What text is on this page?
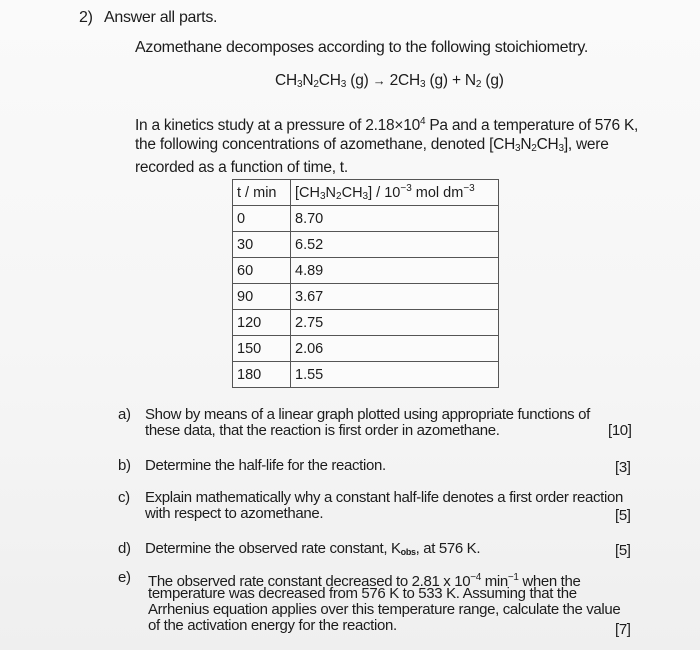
2) Answer all parts.
Azomethane decomposes according to the following stoichiometry.
$CH_3N_2CH_3$ $(g) \to 2CH_3$ $(g) + N_2$ (g)
In a kinetics study at a pressure of $2.18\times 10^4$ Pa and a temperature of 576 K,
the following concentrations of azomethane, denoted $[CH_3N_2CH_3]$, were
recorded as a function of time, t.
t / min	$[CH_3N_2CH_3] / 10^{-3}$ mol $dm^{-3}$
0	8.70
30	6.52
60	4.89
90	3.67
120	2.75
150	2.06
180	1.55
a) Show by means of a linear graph plotted using appropriate functions of
these data, that the reaction is first order in azomethane.	[10]
b) Determine the half-life for the reaction.	[3]
c)	Explain mathematically why a constant half-life denotes a first order reaction
with respect to azomethane.	[5]
d) Determine the observed rate constant, $K_{obs}$, at 576 K.	[5]
e)	The observed rate constant decreased to 2.81 x $10^{-4}$ $\min^{-1}$ when the
temperature was decreased from 576 K to 533 K. Assuming that the
Arrhenius equation applies over this temperature range, calculate the value
of the activation energy for the reaction.	[7]
